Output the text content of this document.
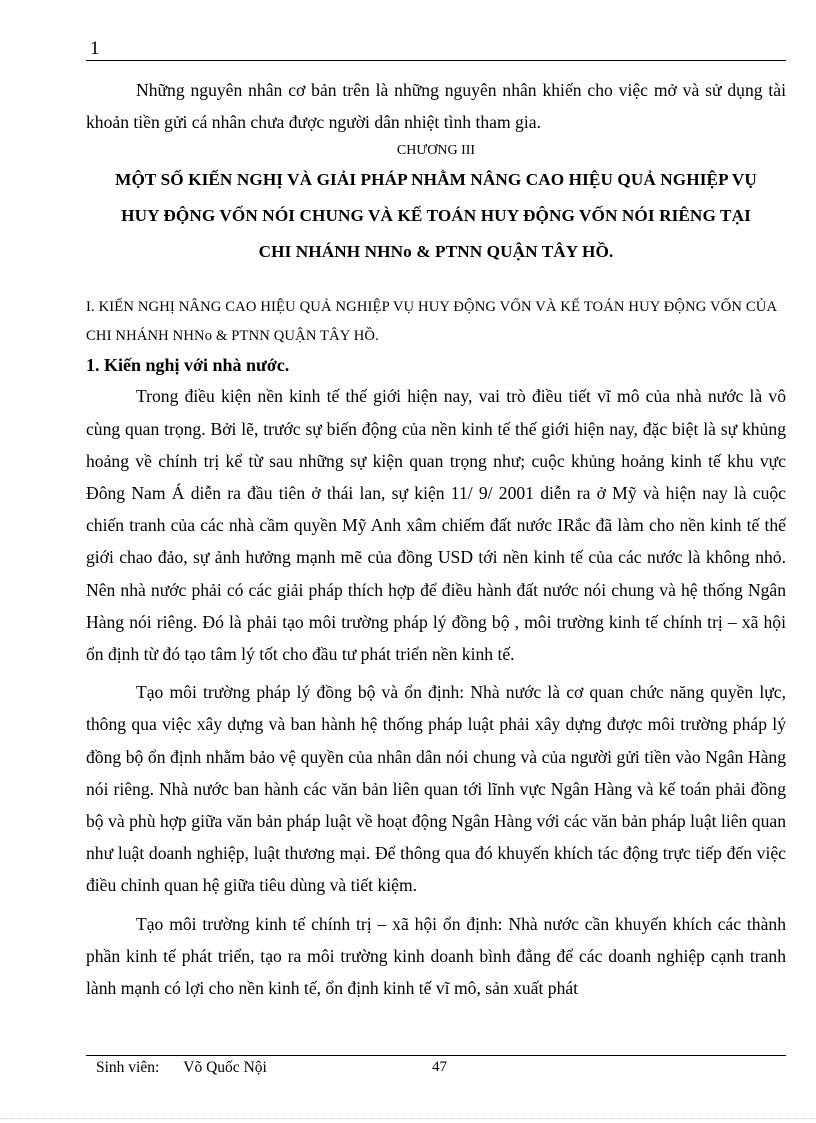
1

Những nguyên nhân cơ bản trên là những nguyên nhân khiến cho việc mở và sử dụng tài khoản tiền gửi cá nhân chưa được người dân nhiệt tình tham gia.

CHƯƠNG III
MỘT SỐ KIẾN NGHỊ VÀ GIẢI PHÁP NHẰM NÂNG CAO HIỆU QUẢ NGHIỆP VỤ
HUY ĐỘNG VỐN NÓI CHUNG VÀ KẾ TOÁN HUY ĐỘNG VỐN NÓI RIÊNG TẠI
CHI NHÁNH NHNo & PTNN QUẬN TÂY HỒ.

I. KIẾN NGHỊ NÂNG CAO HIỆU QUẢ NGHIỆP VỤ HUY ĐỘNG VỐN VÀ KẾ TOÁN HUY ĐỘNG VỐN CỦA CHI NHÁNH NHNo & PTNN QUẬN TÂY HỒ.

1. Kiến nghị với nhà nước.

Trong điều kiện nền kinh tế thế giới hiện nay, vai trò điều tiết vĩ mô của nhà nước là vô cùng quan trọng. Bởi lẽ, trước sự biến động của nền kinh tế thế giới hiện nay, đặc biệt là sự khủng hoảng về chính trị kể từ sau những sự kiện quan trọng như; cuộc khủng hoảng kinh tế khu vực Đông Nam Á diễn ra đầu tiên ở thái lan, sự kiện 11/ 9/ 2001 diễn ra ở Mỹ và hiện nay là cuộc chiến tranh của các nhà cầm quyền Mỹ Anh xâm chiếm đất nước IRắc đã làm cho nền kinh tế thế giới chao đảo, sự ảnh hưởng mạnh mẽ của đồng USD tới nền kinh tế của các nước là không nhỏ. Nên nhà nước phải có các giải pháp thích hợp để điều hành đất nước nói chung và hệ thống Ngân Hàng nói riêng. Đó là phải tạo môi trường pháp lý đồng bộ , môi trường kinh tế chính trị – xã hội ổn định từ đó tạo tâm lý tốt cho đầu tư phát triển nền kinh tế.

Tạo môi trường pháp lý đồng bộ và ổn định: Nhà nước là cơ quan chức năng quyền lực, thông qua việc xây dựng và ban hành hệ thống pháp luật phải xây dựng được môi trường pháp lý đồng bộ ổn định nhằm bảo vệ quyền của nhân dân nói chung và của người gửi tiền vào Ngân Hàng nói riêng. Nhà nước ban hành các văn bản liên quan tới lĩnh vực Ngân Hàng và kế toán phải đồng bộ và phù hợp giữa văn bản pháp luật về hoạt động Ngân Hàng với các văn bản pháp luật liên quan như luật doanh nghiệp, luật thương mại. Để thông qua đó khuyến khích tác động trực tiếp đến việc điều chỉnh quan hệ giữa tiêu dùng và tiết kiệm.

Tạo môi trường kinh tế chính trị – xã hội ổn định: Nhà nước cần khuyến khích các thành phần kinh tế phát triển, tạo ra môi trường kinh doanh bình đẳng để các doanh nghiệp cạnh tranh lành mạnh có lợi cho nền kinh tế, ổn định kinh tế vĩ mô, sản xuất phát

Sinh viên: Võ Quốc Nội	47
